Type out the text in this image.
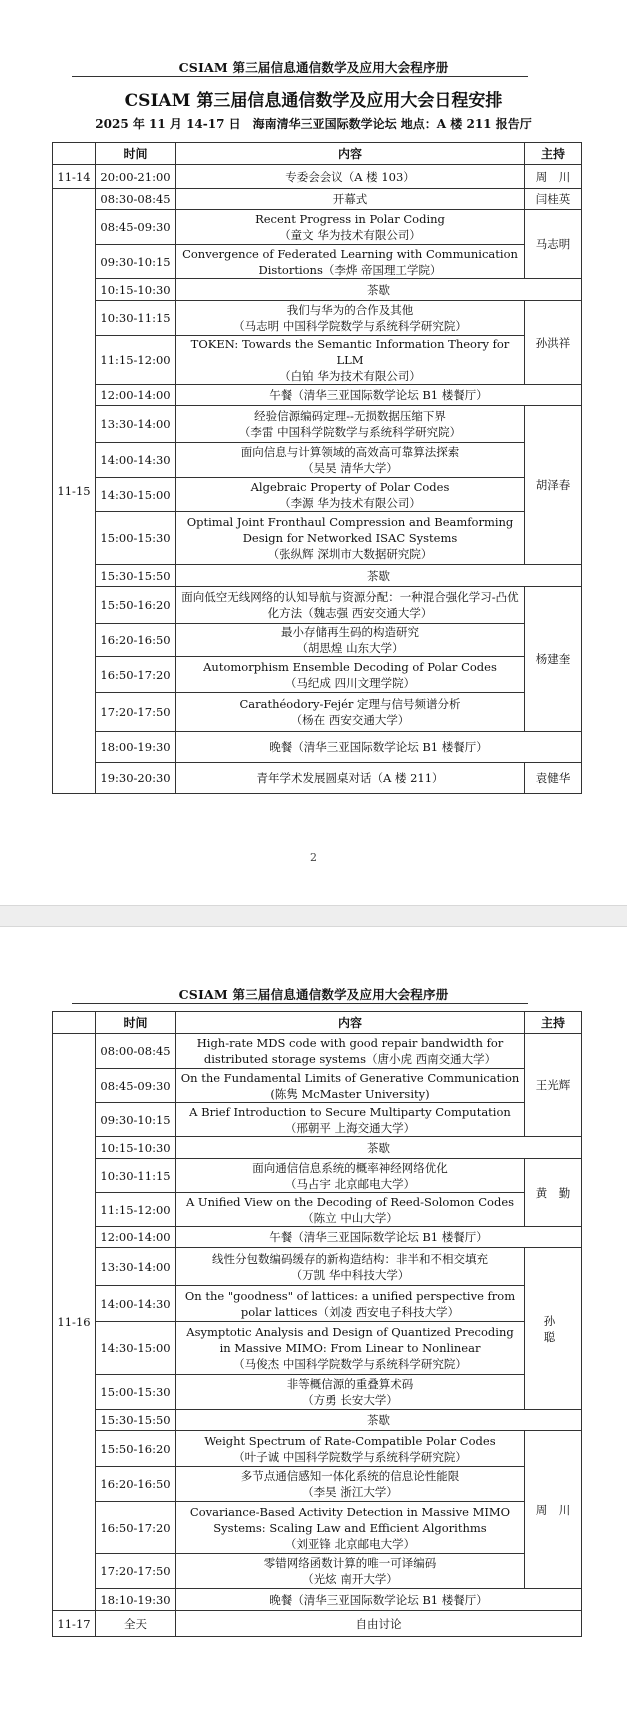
CSIAM 第三届信息通信数学及应用大会程序册
CSIAM 第三届信息通信数学及应用大会日程安排
2025 年 11 月 14-17 日　海南清华三亚国际数学论坛 地点：A 楼 211 报告厅
	时间	内容	主持
11-14	20:00-21:00	专委会会议（A 楼 103）	周　川
11-15	08:30-08:45	开幕式	闫桂英
	08:45-09:30	Recent Progress in Polar Coding
（童文 华为技术有限公司）	马志明
	09:30-10:15	Convergence of Federated Learning with Communication Distortions（李烨 帝国理工学院）	
	10:15-10:30	茶歇	
	10:30-11:15	我们与华为的合作及其他
（马志明 中国科学院数学与系统科学研究院）	孙洪祥
	11:15-12:00	TOKEN: Towards the Semantic Information Theory for LLM
（白铂 华为技术有限公司）	

	12:00-14:00	午餐（清华三亚国际数学论坛 B1 楼餐厅）	
	13:30-14:00	经验信源编码定理--无损数据压缩下界
（李雷 中国科学院数学与系统科学研究院）	胡泽春
	14:00-14:30	面向信息与计算领域的高效高可靠算法探索
（吴昊 清华大学）	

	14:30-15:00	Algebraic Property of Polar Codes
（李源 华为技术有限公司）	

	15:00-15:30	Optimal Joint Fronthaul Compression and Beamforming Design for Networked ISAC Systems
（张纵辉 深圳市大数据研究院）	

	15:30-15:50	茶歇	
	15:50-16:20	面向低空无线网络的认知导航与资源分配：一种混合强化学习-凸优化方法（魏志强 西安交通大学）	杨建奎
	16:20-16:50	最小存储再生码的构造研究
（胡思煌 山东大学）	

	16:50-17:20	Automorphism Ensemble Decoding of Polar Codes
（马纪成 四川文理学院）	

	17:20-17:50	Carathéodory-Fejér 定理与信号频谱分析
（杨在 西安交通大学）	

	18:00-19:30	晚餐（清华三亚国际数学论坛 B1 楼餐厅）	
	19:30-20:30	青年学术发展圆桌对话（A 楼 211）	袁健华
2
CSIAM 第三届信息通信数学及应用大会程序册
	时间	内容	主持
11-16	08:00-08:45	High-rate MDS code with good repair bandwidth for distributed storage systems（唐小虎 西南交通大学）	王光辉
	08:45-09:30	On the Fundamental Limits of Generative Communication
(陈隽 McMaster University)	

	09:30-10:15	A Brief Introduction to Secure Multiparty Computation
（邢朝平 上海交通大学）	

	10:15-10:30	茶歇	
	10:30-11:15	面向通信信息系统的概率神经网络优化
（马占宇 北京邮电大学）	黄　勤
	11:15-12:00	A Unified View on the Decoding of Reed-Solomon Codes
（陈立 中山大学）	

	12:00-14:00	午餐（清华三亚国际数学论坛 B1 楼餐厅）	
	13:30-14:00	线性分包数编码缓存的新构造结构：非半和不相交填充
（万凯 华中科技大学）	孙　聪
	14:00-14:30	On the "goodness" of lattices: a unified perspective from polar lattices（刘凌 西安电子科技大学）	
	14:30-15:00	Asymptotic Analysis and Design of Quantized Precoding in Massive MIMO: From Linear to Nonlinear
（马俊杰 中国科学院数学与系统科学研究院）	

	15:00-15:30	非等概信源的重叠算术码
（方勇 长安大学）	

	15:30-15:50	茶歇	
	15:50-16:20	Weight Spectrum of Rate-Compatible Polar Codes
（叶子诚 中国科学院数学与系统科学研究院）	周　川
	16:20-16:50	多节点通信感知一体化系统的信息论性能限
（李昊 浙江大学）	

	16:50-17:20	Covariance-Based Activity Detection in Massive MIMO Systems: Scaling Law and Efficient Algorithms
（刘亚锋 北京邮电大学）	

	17:20-17:50	零错网络函数计算的唯一可译编码
（光炫 南开大学）	

	18:10-19:30	晚餐（清华三亚国际数学论坛 B1 楼餐厅）	
11-17	全天	自由讨论	
